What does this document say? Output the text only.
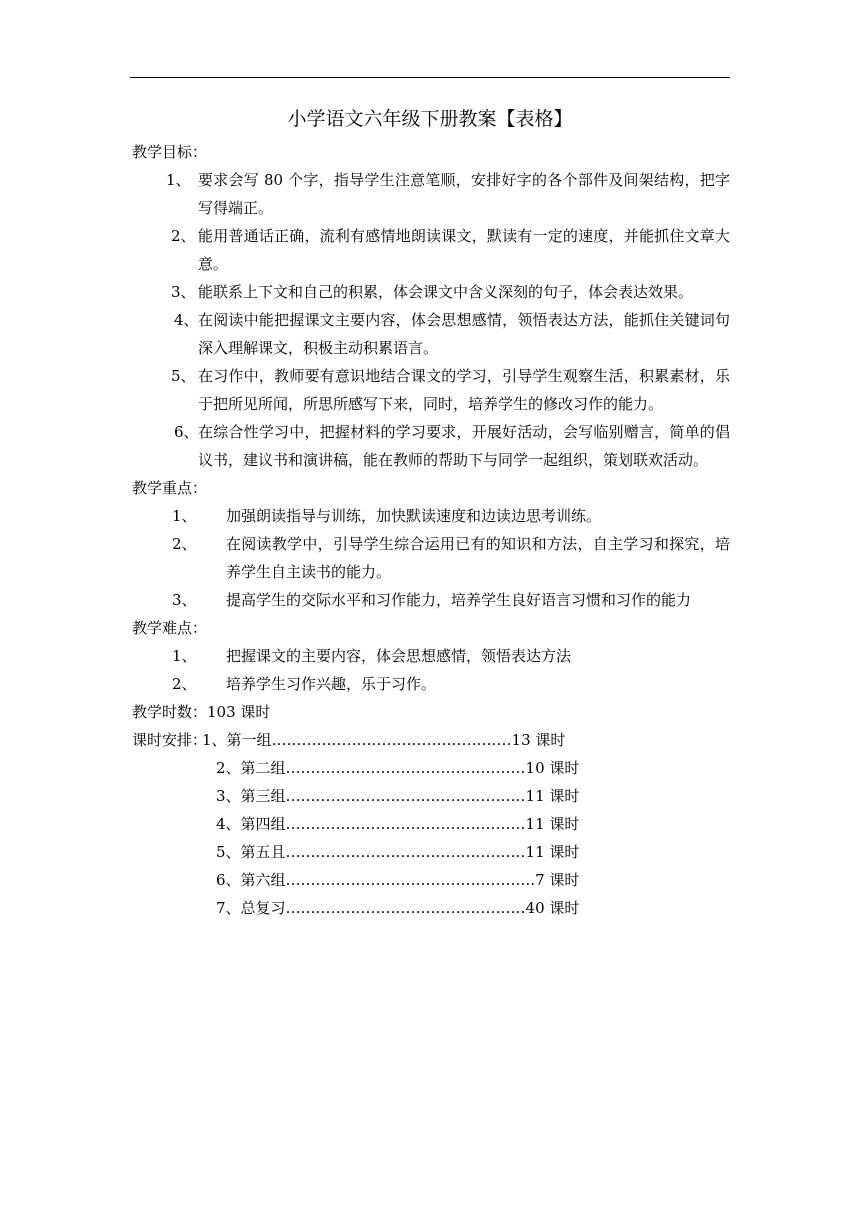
小学语文六年级下册教案【表格】
教学目标：
1、 要求会写 80 个字，指导学生注意笔顺，安排好字的各个部件及间架结构，把字写得端正。
2、 能用普通话正确，流利有感情地朗读课文，默读有一定的速度，并能抓住文章大意。
3、 能联系上下文和自己的积累，体会课文中含义深刻的句子，体会表达效果。
4、 在阅读中能把握课文主要内容，体会思想感情，领悟表达方法，能抓住关键词句深入理解课文，积极主动积累语言。
5、 在习作中，教师要有意识地结合课文的学习，引导学生观察生活，积累素材，乐于把所见所闻，所思所感写下来，同时，培养学生的修改习作的能力。
6、 在综合性学习中，把握材料的学习要求，开展好活动，会写临别赠言，简单的倡议书，建议书和演讲稿，能在教师的帮助下与同学一起组织，策划联欢活动。
教学重点：
1、 加强朗读指导与训练，加快默读速度和边读边思考训练。
2、 在阅读教学中，引导学生综合运用已有的知识和方法，自主学习和探究，培养学生自主读书的能力。
3、 提高学生的交际水平和习作能力，培养学生良好语言习惯和习作的能力
教学难点：
1、 把握课文的主要内容，体会思想感情，领悟表达方法
2、 培养学生习作兴趣，乐于习作。
教学时数：103 课时
课时安排：
1、第一组…………………………………………13 课时
2、第二组…………………………………………10 课时
3、第三组…………………………………………11 课时
4、第四组…………………………………………11 课时
5、第五且…………………………………………11 课时
6、第六组…………………………………………..7 课时
7、总复习…………………………………………40 课时
